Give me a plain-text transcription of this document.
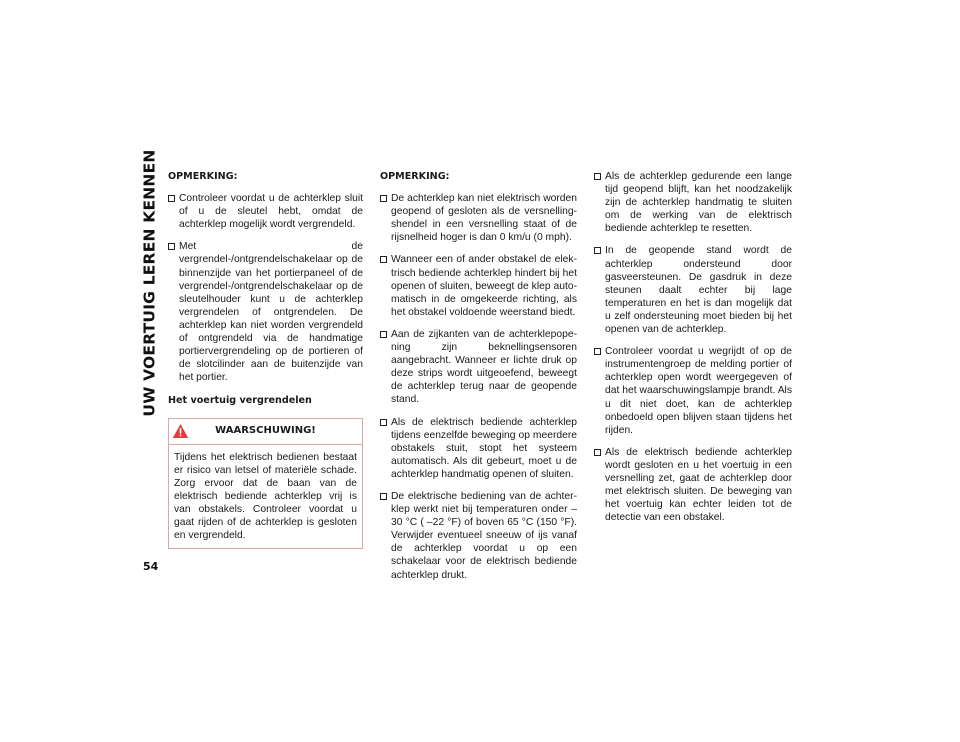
UW VOERTUIG LEREN KENNEN
54
OPMERKING:
Controleer voordat u de achterklep sluit of u de sleutel hebt, omdat de achterklep mogelijk wordt vergrendeld.
Met de vergrendel-/ontgrendelschakelaar op de binnenzijde van het portierpaneel of de vergrendel-/ontgrendelschakelaar op de sleutelhouder kunt u de achterklep vergrendelen of ontgrendelen. De achterklep kan niet worden vergrendeld of ontgrendeld via de handmatige portiervergrendeling op de portieren of de slotcilinder aan de buitenzijde van het portier.
Het voertuig vergrendelen
WAARSCHUWING!
Tijdens het elektrisch bedienen bestaat er risico van letsel of materiële schade. Zorg ervoor dat de baan van de elektrisch bediende achterklep vrij is van obstakels. Controleer voordat u gaat rijden of de achterklep is gesloten en vergrendeld.
OPMERKING:
De achterklep kan niet elektrisch worden geopend of gesloten als de versnellingshendel in een versnelling staat of de rijsnelheid hoger is dan 0 km/u (0 mph).
Wanneer een of ander obstakel de elektrisch bediende achterklep hindert bij het openen of sluiten, beweegt de klep automatisch in de omgekeerde richting, als het obstakel voldoende weerstand biedt.
Aan de zijkanten van de achterklepopening zijn beknellingsensoren aangebracht. Wanneer er lichte druk op deze strips wordt uitgeoefend, beweegt de achterklep terug naar de geopende stand.
Als de elektrisch bediende achterklep tijdens eenzelfde beweging op meerdere obstakels stuit, stopt het systeem automatisch. Als dit gebeurt, moet u de achterklep handmatig openen of sluiten.
De elektrische bediening van de achterklep werkt niet bij temperaturen onder –30 °C ( –22 °F) of boven 65 °C (150 °F). Verwijder eventueel sneeuw of ijs vanaf de achterklep voordat u op een schakelaar voor de elektrisch bediende achterklep drukt.
Als de achterklep gedurende een lange tijd geopend blijft, kan het noodzakelijk zijn de achterklep handmatig te sluiten om de werking van de elektrisch bediende achterklep te resetten.
In de geopende stand wordt de achterklep ondersteund door gasveersteunen. De gasdruk in deze steunen daalt echter bij lage temperaturen en het is dan mogelijk dat u zelf ondersteuning moet bieden bij het openen van de achterklep.
Controleer voordat u wegrijdt of op de instrumentengroep de melding portier of achterklep open wordt weergegeven of dat het waarschuwingslampje brandt. Als u dit niet doet, kan de achterklep onbedoeld open blijven staan tijdens het rijden.
Als de elektrisch bediende achterklep wordt gesloten en u het voertuig in een versnelling zet, gaat de achterklep door met elektrisch sluiten. De beweging van het voertuig kan echter leiden tot de detectie van een obstakel.
